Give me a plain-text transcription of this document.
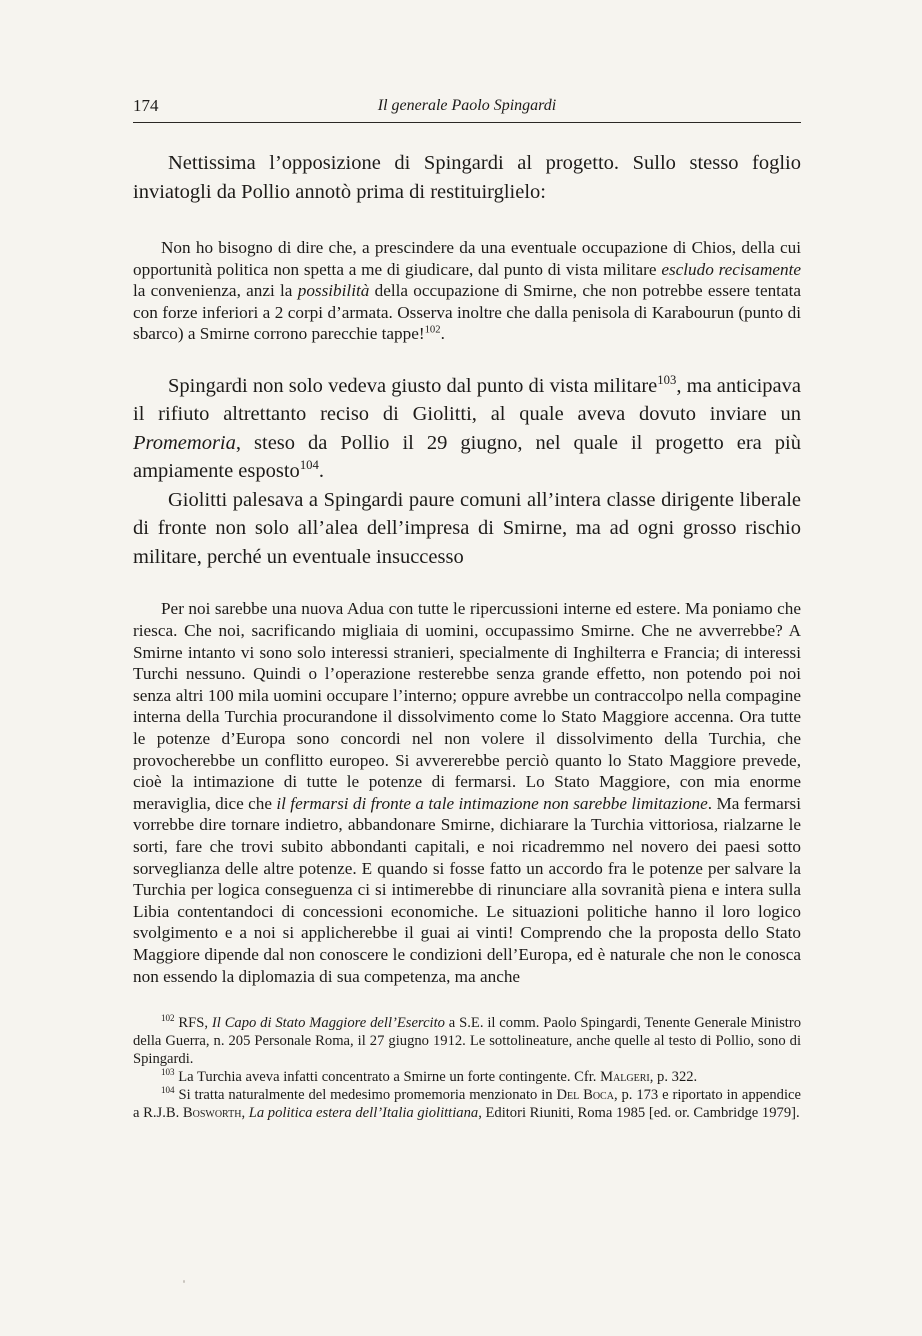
174	Il generale Paolo Spingardi

Nettissima l’opposizione di Spingardi al progetto. Sullo stesso foglio inviatogli da Pollio annotò prima di restituirglielo:

Non ho bisogno di dire che, a prescindere da una eventuale occupazione di Chios, della cui opportunità politica non spetta a me di giudicare, dal punto di vista militare escludo recisamente la convenienza, anzi la possibilità della occupazione di Smirne, che non potrebbe essere tentata con forze inferiori a 2 corpi d’armata. Osserva inoltre che dalla penisola di Karabourun (punto di sbarco) a Smirne corrono parecchie tappe!$^{102}$.

Spingardi non solo vedeva giusto dal punto di vista militare$^{103}$, ma anticipava il rifiuto altrettanto reciso di Giolitti, al quale aveva dovuto inviare un Promemoria, steso da Pollio il 29 giugno, nel quale il progetto era più ampiamente esposto$^{104}$.

Giolitti palesava a Spingardi paure comuni all’intera classe dirigente liberale di fronte non solo all’alea dell’impresa di Smirne, ma ad ogni grosso rischio militare, perché un eventuale insuccesso

Per noi sarebbe una nuova Adua con tutte le ripercussioni interne ed estere. Ma poniamo che riesca. Che noi, sacrificando migliaia di uomini, occupassimo Smirne. Che ne avverrebbe? A Smirne intanto vi sono solo interessi stranieri, specialmente di Inghilterra e Francia; di interessi Turchi nessuno. Quindi o l’operazione resterebbe senza grande effetto, non potendo poi noi senza altri 100 mila uomini occupare l’interno; oppure avrebbe un contraccolpo nella compagine interna della Turchia procurandone il dissolvimento come lo Stato Maggiore accenna. Ora tutte le potenze d’Europa sono concordi nel non volere il dissolvimento della Turchia, che provocherebbe un conflitto europeo. Si avvererebbe perciò quanto lo Stato Maggiore prevede, cioè la intimazione di tutte le potenze di fermarsi. Lo Stato Maggiore, con mia enorme meraviglia, dice che il fermarsi di fronte a tale intimazione non sarebbe limitazione. Ma fermarsi vorrebbe dire tornare indietro, abbandonare Smirne, dichiarare la Turchia vittoriosa, rialzarne le sorti, fare che trovi subito abbondanti capitali, e noi ricadremmo nel novero dei paesi sotto sorveglianza delle altre potenze. E quando si fosse fatto un accordo fra le potenze per salvare la Turchia per logica conseguenza ci si intimerebbe di rinunciare alla sovranità piena e intera sulla Libia contentandoci di concessioni economiche. Le situazioni politiche hanno il loro logico svolgimento e a noi si applicherebbe il guai ai vinti! Comprendo che la proposta dello Stato Maggiore dipende dal non conoscere le condizioni dell’Europa, ed è naturale che non le conosca non essendo la diplomazia di sua competenza, ma anche

$^{102}$ RFS, Il Capo di Stato Maggiore dell’Esercito a S.E. il comm. Paolo Spingardi, Tenente Generale Ministro della Guerra, n. 205 Personale Roma, il 27 giugno 1912. Le sottolineature, anche quelle al testo di Pollio, sono di Spingardi.

$^{103}$ La Turchia aveva infatti concentrato a Smirne un forte contingente. Cfr. Malgeri, p. 322.

$^{104}$ Si tratta naturalmente del medesimo promemoria menzionato in Del Boca, p. 173 e riportato in appendice a R.J.B. Bosworth, La politica estera dell’Italia giolittiana, Editori Riuniti, Roma 1985 [ed. or. Cambridge 1979].
